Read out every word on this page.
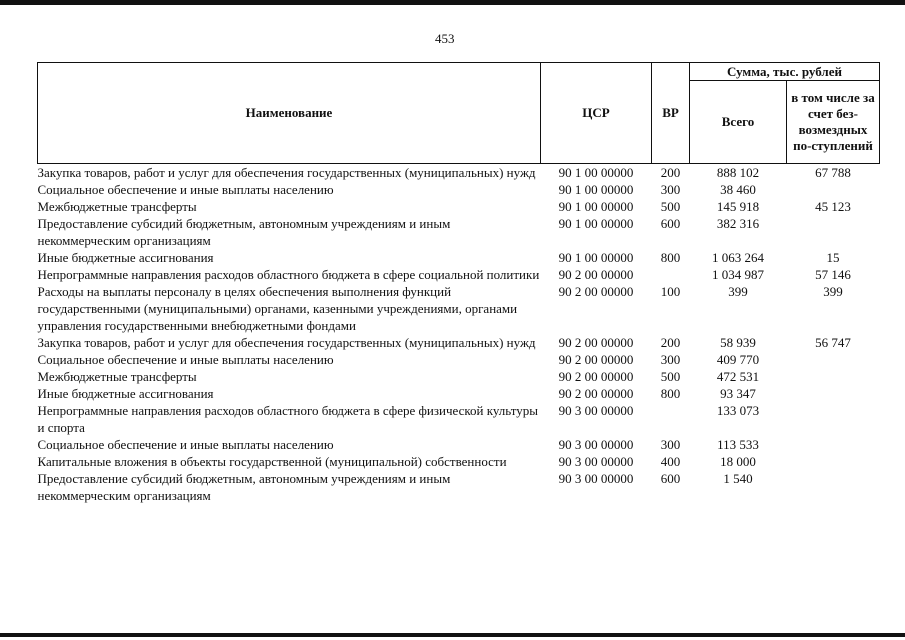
453
Наименование	ЦСР	ВР	Сумма, тыс. рублей	
			Всего	в том числе за счет без-возмездных по-ступлений
Закупка товаров, работ и услуг для обеспечения государственных (муниципальных) нужд	90 1 00 00000	200	888 102	67 788
Социальное обеспечение и иные выплаты населению	90 1 00 00000	300	38 460	
Межбюджетные трансферты	90 1 00 00000	500	145 918	45 123
Предоставление субсидий бюджетным, автономным учреждениям и иным некоммерческим организациям	90 1 00 00000	600	382 316	
Иные бюджетные ассигнования	90 1 00 00000	800	1 063 264	15
Непрограммные направления расходов областного бюджета в сфере социальной политики	90 2 00 00000		1 034 987	57 146
Расходы на выплаты персоналу в целях обеспечения выполнения функций государственными (муниципальными) органами, казенными учреждениями, органами управления государственными внебюджетными фондами	90 2 00 00000	100	399	399
Закупка товаров, работ и услуг для обеспечения государственных (муниципальных) нужд	90 2 00 00000	200	58 939	56 747
Социальное обеспечение и иные выплаты населению	90 2 00 00000	300	409 770	
Межбюджетные трансферты	90 2 00 00000	500	472 531	
Иные бюджетные ассигнования	90 2 00 00000	800	93 347	
Непрограммные направления расходов областного бюджета в сфере физической культуры и спорта	90 3 00 00000		133 073	
Социальное обеспечение и иные выплаты населению	90 3 00 00000	300	113 533	
Капитальные вложения в объекты государственной (муниципальной) собственности	90 3 00 00000	400	18 000	
Предоставление субсидий бюджетным, автономным учреждениям и иным некоммерческим организациям	90 3 00 00000	600	1 540	
